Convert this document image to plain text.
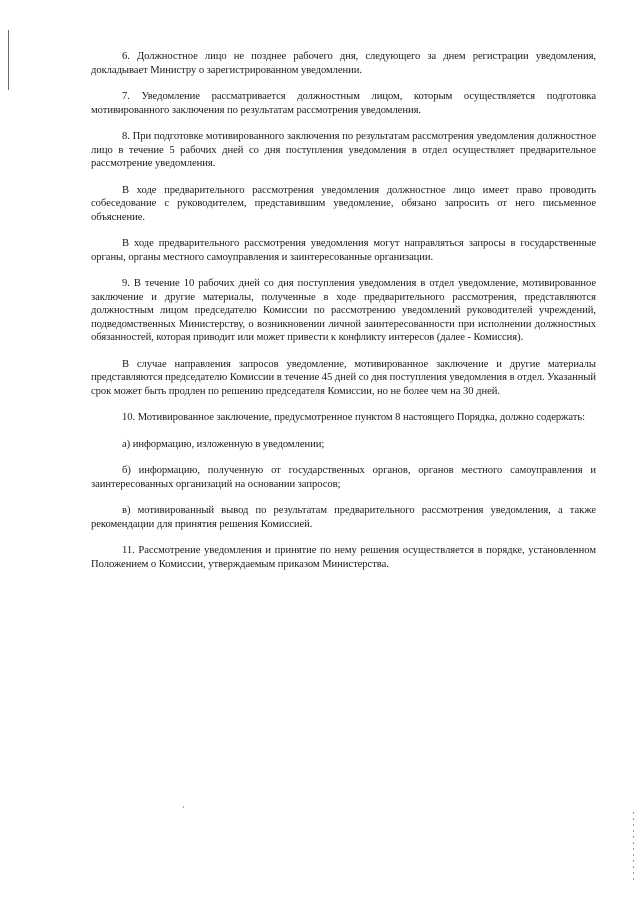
6. Должностное лицо не позднее рабочего дня, следующего за днем регистрации уведомления, докладывает Министру о зарегистрированном уведомлении.

7. Уведомление рассматривается должностным лицом, которым осуществляется подготовка мотивированного заключения по результатам рассмотрения уведомления.

8. При подготовке мотивированного заключения по результатам рассмотрения уведомления должностное лицо в течение 5 рабочих дней со дня поступления уведомления в отдел осуществляет предварительное рассмотрение уведомления.

В ходе предварительного рассмотрения уведомления должностное лицо имеет право проводить собеседование с руководителем, представившим уведомление, обязано запросить от него письменное объяснение.

В ходе предварительного рассмотрения уведомления могут направляться запросы в государственные органы, органы местного самоуправления и заинтересованные организации.

9. В течение 10 рабочих дней со дня поступления уведомления в отдел уведомление, мотивированное заключение и другие материалы, полученные в ходе предварительного рассмотрения, представляются должностным лицом председателю Комиссии по рассмотрению уведомлений руководителей учреждений, подведомственных Министерству, о возникновении личной заинтересованности при исполнении должностных обязанностей, которая приводит или может привести к конфликту интересов (далее - Комиссия).

В случае направления запросов уведомление, мотивированное заключение и другие материалы представляются председателю Комиссии в течение 45 дней со дня поступления уведомления в отдел. Указанный срок может быть продлен по решению председателя Комиссии, но не более чем на 30 дней.

10. Мотивированное заключение, предусмотренное пунктом 8 настоящего Порядка, должно содержать:

а) информацию, изложенную в уведомлении;

б) информацию, полученную от государственных органов, органов местного самоуправления и заинтересованных организаций на основании запросов;

в) мотивированный вывод по результатам предварительного рассмотрения уведомления, а также рекомендации для принятия решения Комиссией.

11. Рассмотрение уведомления и принятие по нему решения осуществляется в порядке, установленном Положением о Комиссии, утверждаемым приказом Министерства.
